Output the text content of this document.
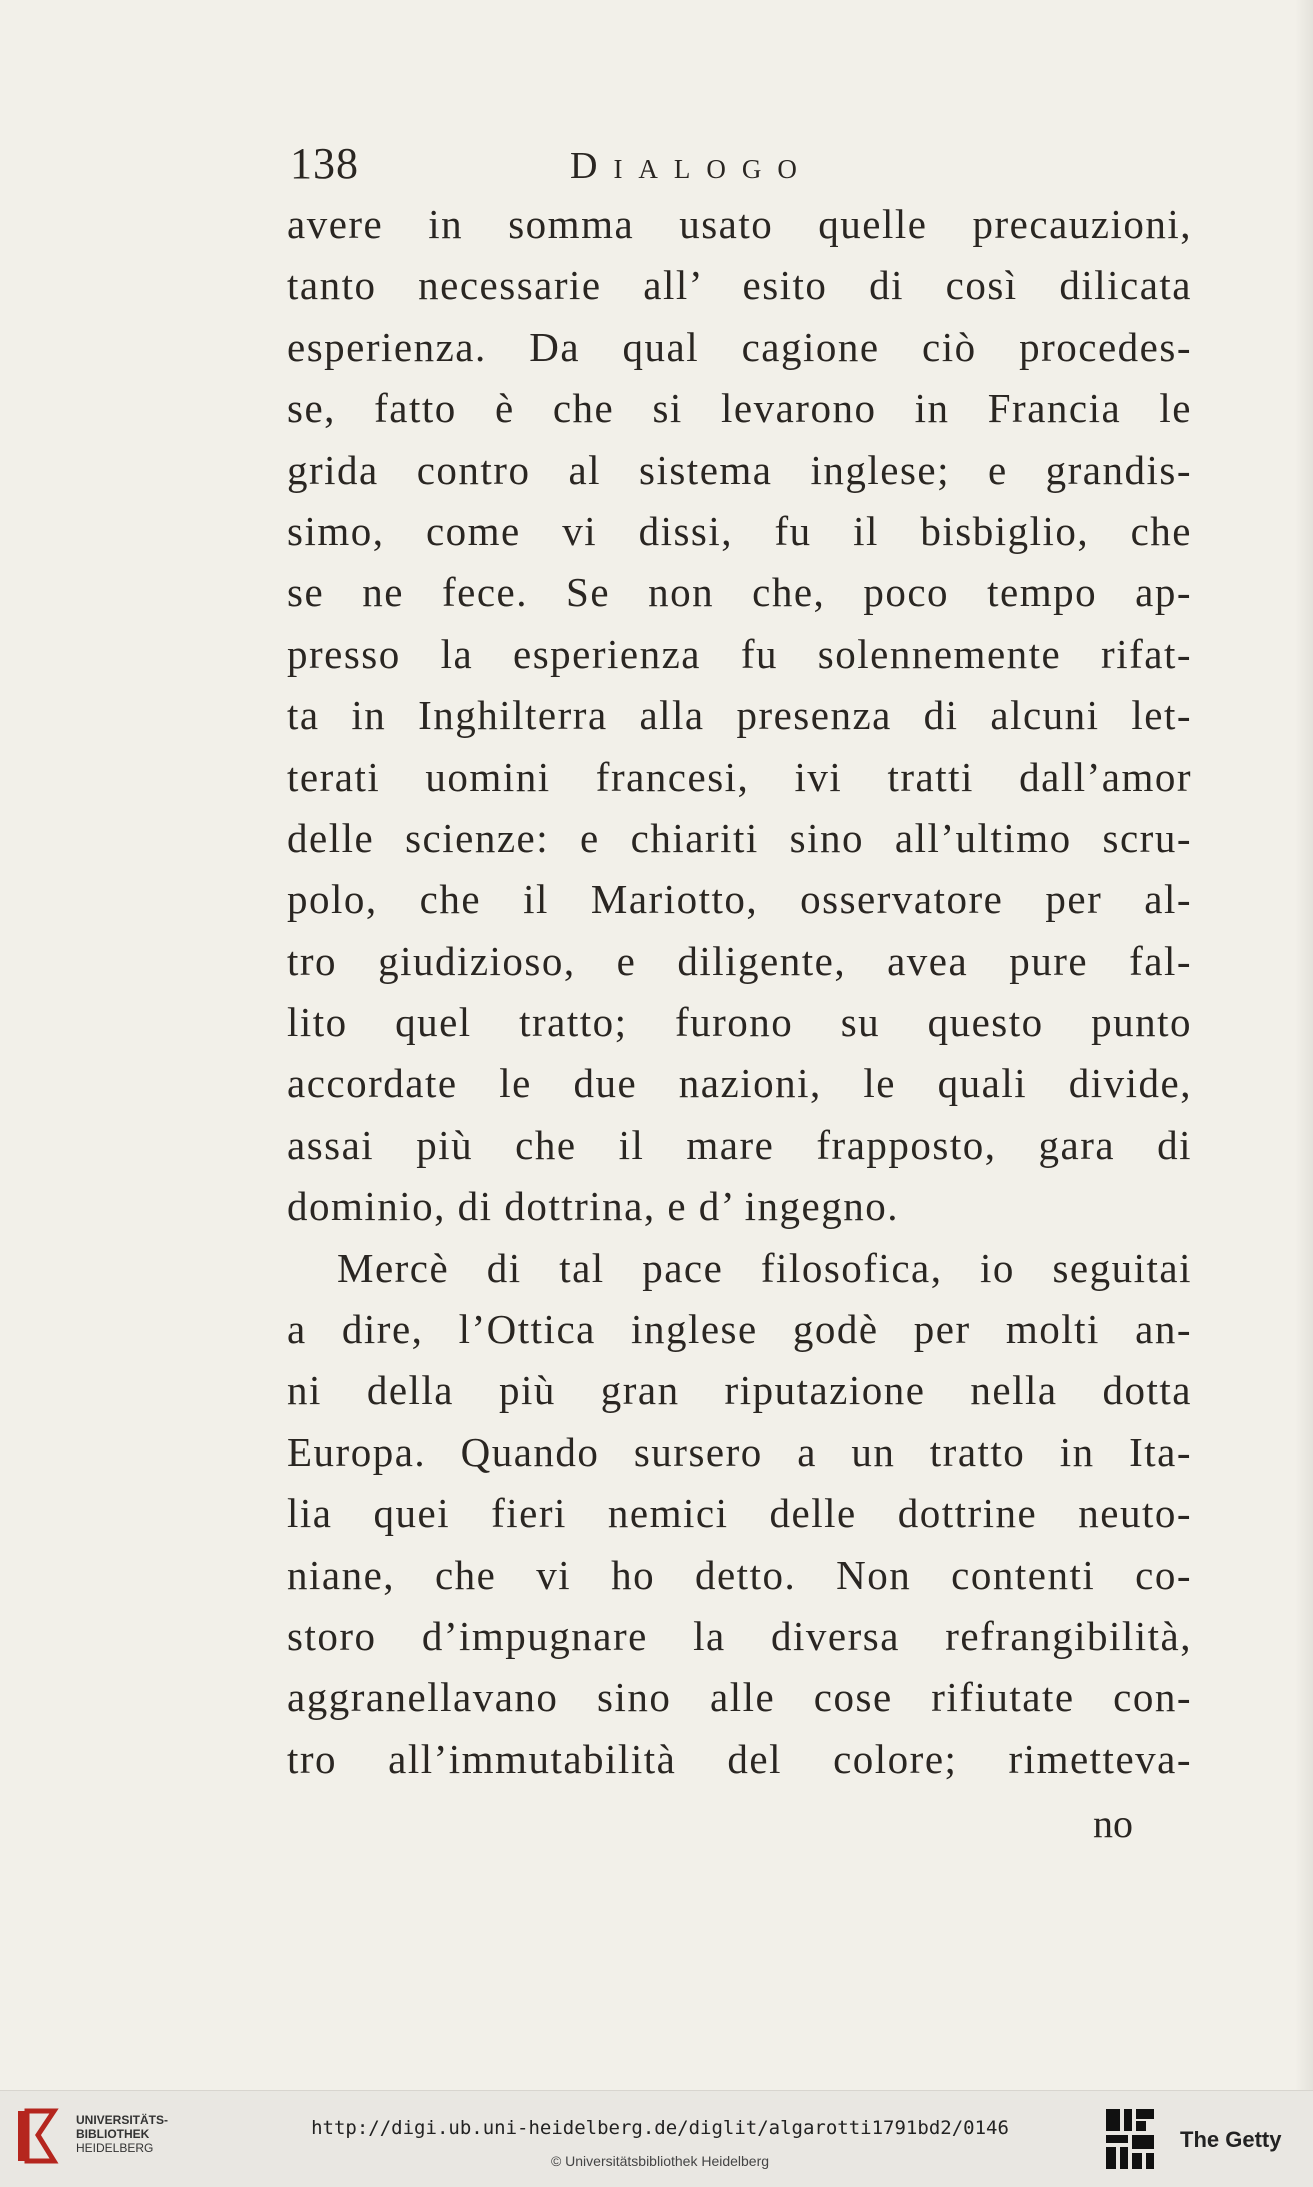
138	Dialogo
avere in somma usato quelle precauzioni,
tanto necessarie all’ esito di così dilicata
esperienza. Da qual cagione ciò procedes-
se, fatto è che si levarono in Francia le
grida contro al sistema inglese; e grandis-
simo, come vi dissi, fu il bisbiglio, che
se ne fece. Se non che, poco tempo ap-
presso la esperienza fu solennemente rifat-
ta in Inghilterra alla presenza di alcuni let-
terati uomini francesi, ivi tratti dall’amor
delle scienze: e chiariti sino all’ultimo scru-
polo, che il Mariotto, osservatore per al-
tro giudizioso, e diligente, avea pure fal-
lito quel tratto; furono su questo punto
accordate le due nazioni, le quali divide,
assai più che il mare frapposto, gara di
dominio, di dottrina, e d’ ingegno.
Mercè di tal pace filosofica, io seguitai
a dire, l’Ottica inglese godè per molti an-
ni della più gran riputazione nella dotta
Europa. Quando sursero a un tratto in Ita-
lia quei fieri nemici delle dottrine neuto-
niane, che vi ho detto. Non contenti co-
storo d’impugnare la diversa refrangibilità,
aggranellavano sino alle cose rifiutate con-
tro all’immutabilità del colore; rimetteva-
no
UNIVERSITÄTS-
BIBLIOTHEK
HEIDELBERG
http://digi.ub.uni-heidelberg.de/diglit/algarotti1791bd2/0146
© Universitätsbibliothek Heidelberg
The Getty
